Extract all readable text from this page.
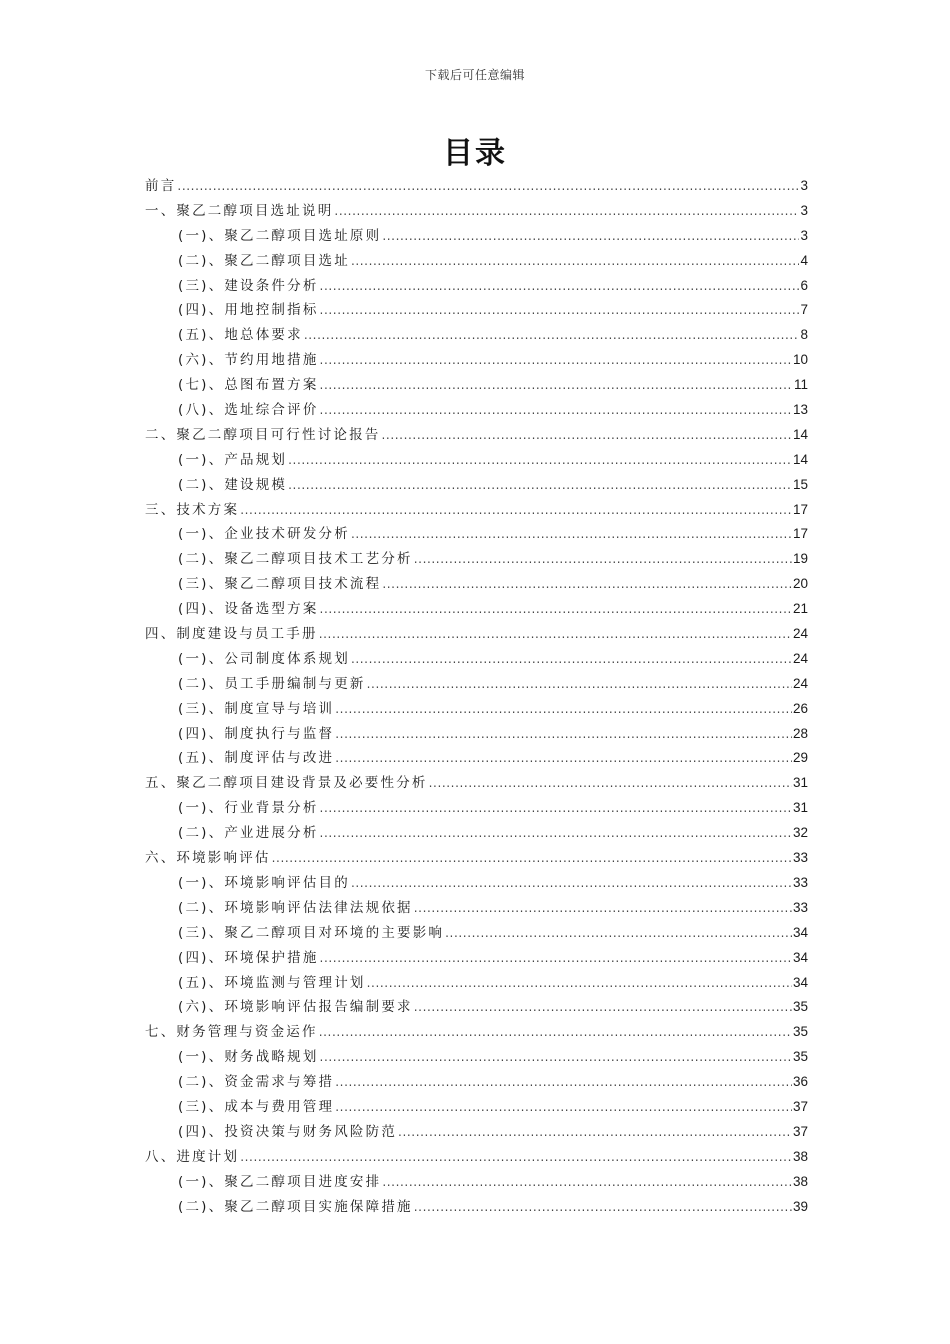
下载后可任意编辑
目录
前言 .....	3
一、聚乙二醇项目选址说明 .....	3
(一)、聚乙二醇项目选址原则 .....	3
(二)、聚乙二醇项目选址 .....	4
(三)、建设条件分析 .....	6
(四)、用地控制指标 .....	7
(五)、地总体要求 .....	8
(六)、节约用地措施 .....	10
(七)、总图布置方案 .....	11
(八)、选址综合评价 .....	13
二、聚乙二醇项目可行性讨论报告 .....	14
(一)、产品规划 .....	14
(二)、建设规模 .....	15
三、技术方案 .....	17
(一)、企业技术研发分析 .....	17
(二)、聚乙二醇项目技术工艺分析 .....	19
(三)、聚乙二醇项目技术流程 .....	20
(四)、设备选型方案 .....	21
四、制度建设与员工手册 .....	24
(一)、公司制度体系规划 .....	24
(二)、员工手册编制与更新 .....	24
(三)、制度宣导与培训 .....	26
(四)、制度执行与监督 .....	28
(五)、制度评估与改进 .....	29
五、聚乙二醇项目建设背景及必要性分析 .....	31
(一)、行业背景分析 .....	31
(二)、产业进展分析 .....	32
六、环境影响评估 .....	33
(一)、环境影响评估目的 .....	33
(二)、环境影响评估法律法规依据 .....	33
(三)、聚乙二醇项目对环境的主要影响 .....	34
(四)、环境保护措施 .....	34
(五)、环境监测与管理计划 .....	34
(六)、环境影响评估报告编制要求 .....	35
七、财务管理与资金运作 .....	35
(一)、财务战略规划 .....	35
(二)、资金需求与筹措 .....	36
(三)、成本与费用管理 .....	37
(四)、投资决策与财务风险防范 .....	37
八、进度计划 .....	38
(一)、聚乙二醇项目进度安排 .....	38
(二)、聚乙二醇项目实施保障措施 .....	39
